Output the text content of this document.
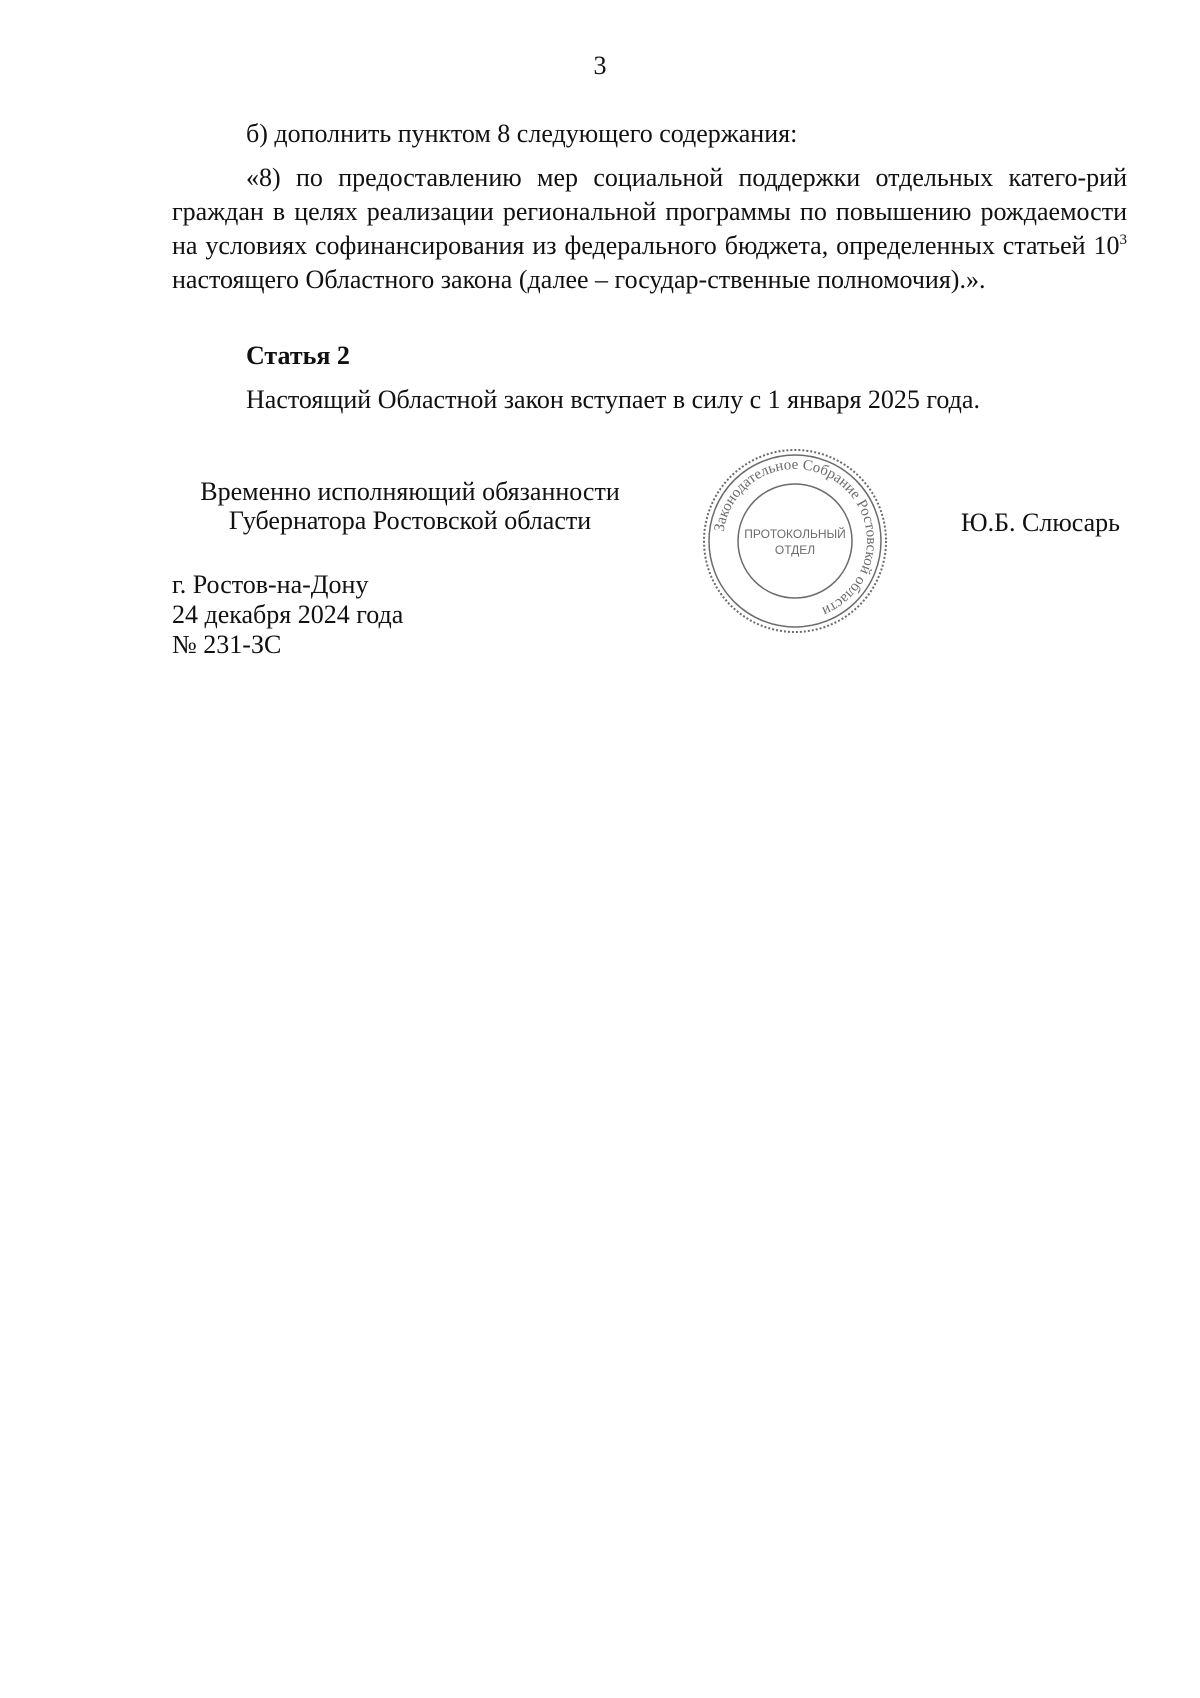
3
б) дополнить пунктом 8 следующего содержания:
«8) по предоставлению мер социальной поддержки отдельных катего-рий граждан в целях реализации региональной программы по повышению рождаемости на условиях софинансирования из федерального бюджета, определенных статьей $10^3$ настоящего Областного закона (далее – государ-ственные полномочия).».
Статья 2
Настоящий Областной закон вступает в силу с 1 января 2025 года.
Временно исполняющий обязанности
Губернатора Ростовской области	Ю.Б. Слюсарь
г. Ростов-на-Дону
24 декабря 2024 года
№ 231-ЗС
Законодательное Собрание Ростовской области
ПРОТОКОЛЬНЫЙ
ОТДЕЛ
